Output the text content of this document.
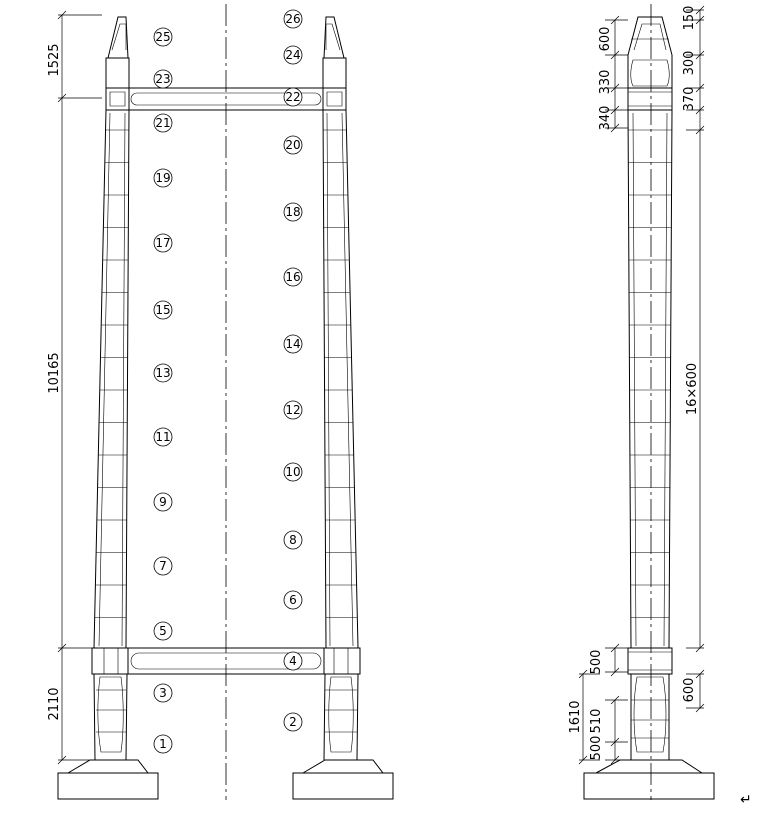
1
2
3
4
5
6
7
8
9
10
11
12
13
14
15
16
17
18
19
20
21
22
23
24
25
26
1525
10165
2110
150
300
370
16×600
600
600
330
340
500
1610 510
500
↵
